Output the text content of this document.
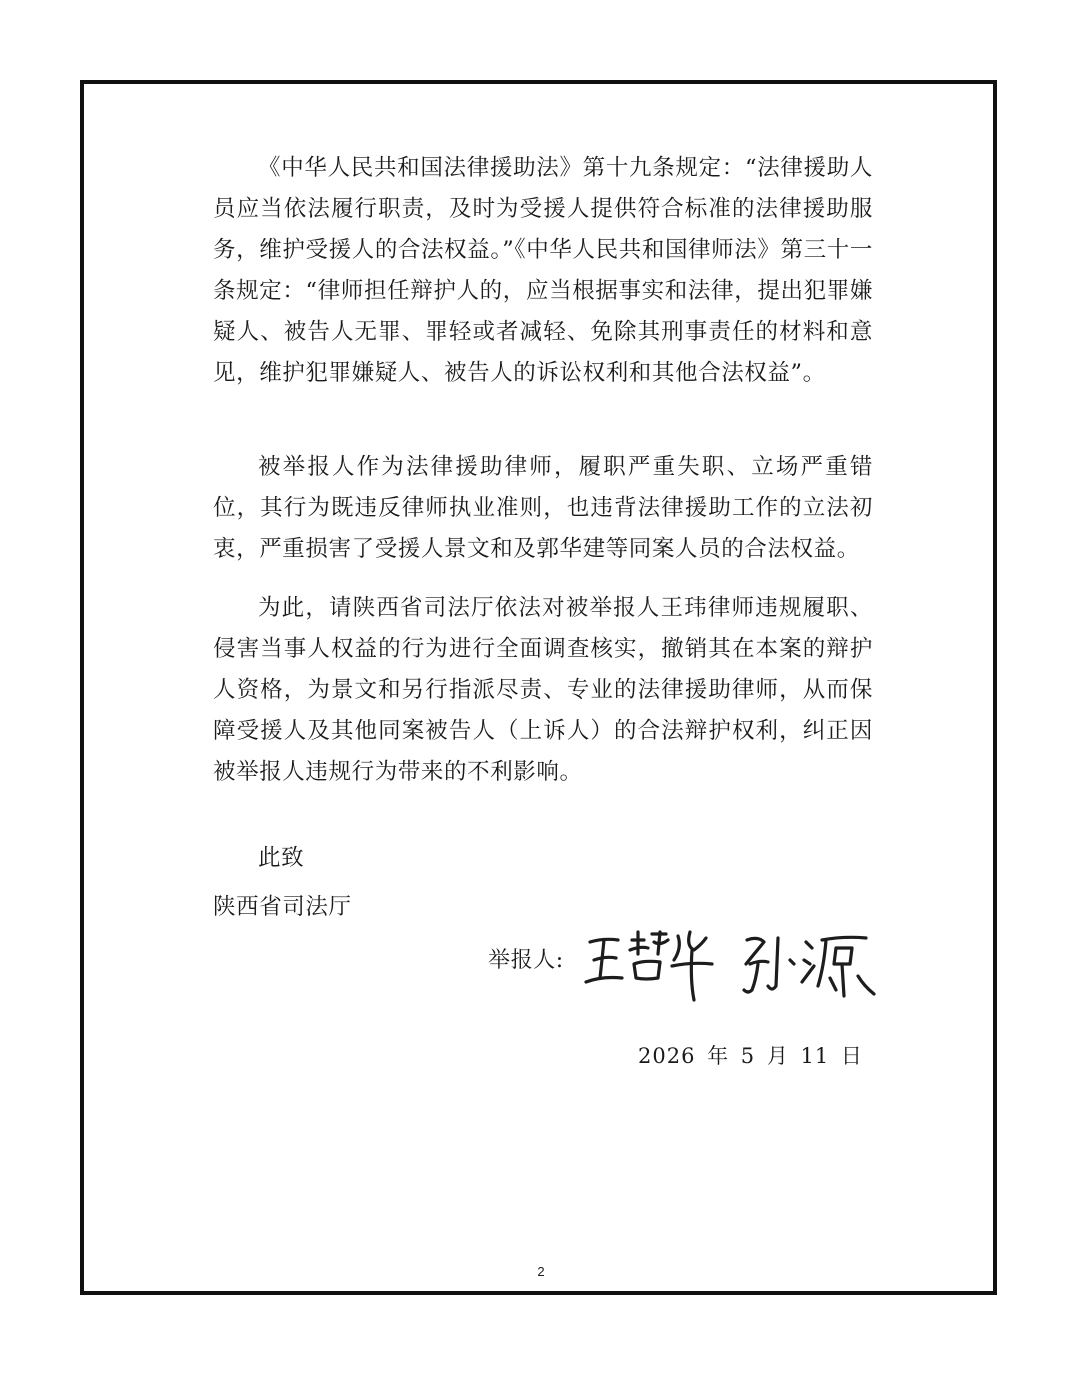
《中华人民共和国法律援助法》第十九条规定：“法律援助人员应当依法履行职责，及时为受援人提供符合标准的法律援助服务，维护受援人的合法权益。”《中华人民共和国律师法》第三十一条规定：“律师担任辩护人的，应当根据事实和法律，提出犯罪嫌疑人、被告人无罪、罪轻或者减轻、免除其刑事责任的材料和意见，维护犯罪嫌疑人、被告人的诉讼权利和其他合法权益”。

被举报人作为法律援助律师，履职严重失职、立场严重错位，其行为既违反律师执业准则，也违背法律援助工作的立法初衷，严重损害了受援人景文和及郭华建等同案人员的合法权益。

为此，请陕西省司法厅依法对被举报人王玮律师违规履职、侵害当事人权益的行为进行全面调查核实，撤销其在本案的辩护人资格，为景文和另行指派尽责、专业的法律援助律师，从而保障受援人及其他同案被告人（上诉人）的合法辩护权利，纠正因被举报人违规行为带来的不利影响。

此致

陕西省司法厅

举报人:

2026 年 5 月 11 日
2
